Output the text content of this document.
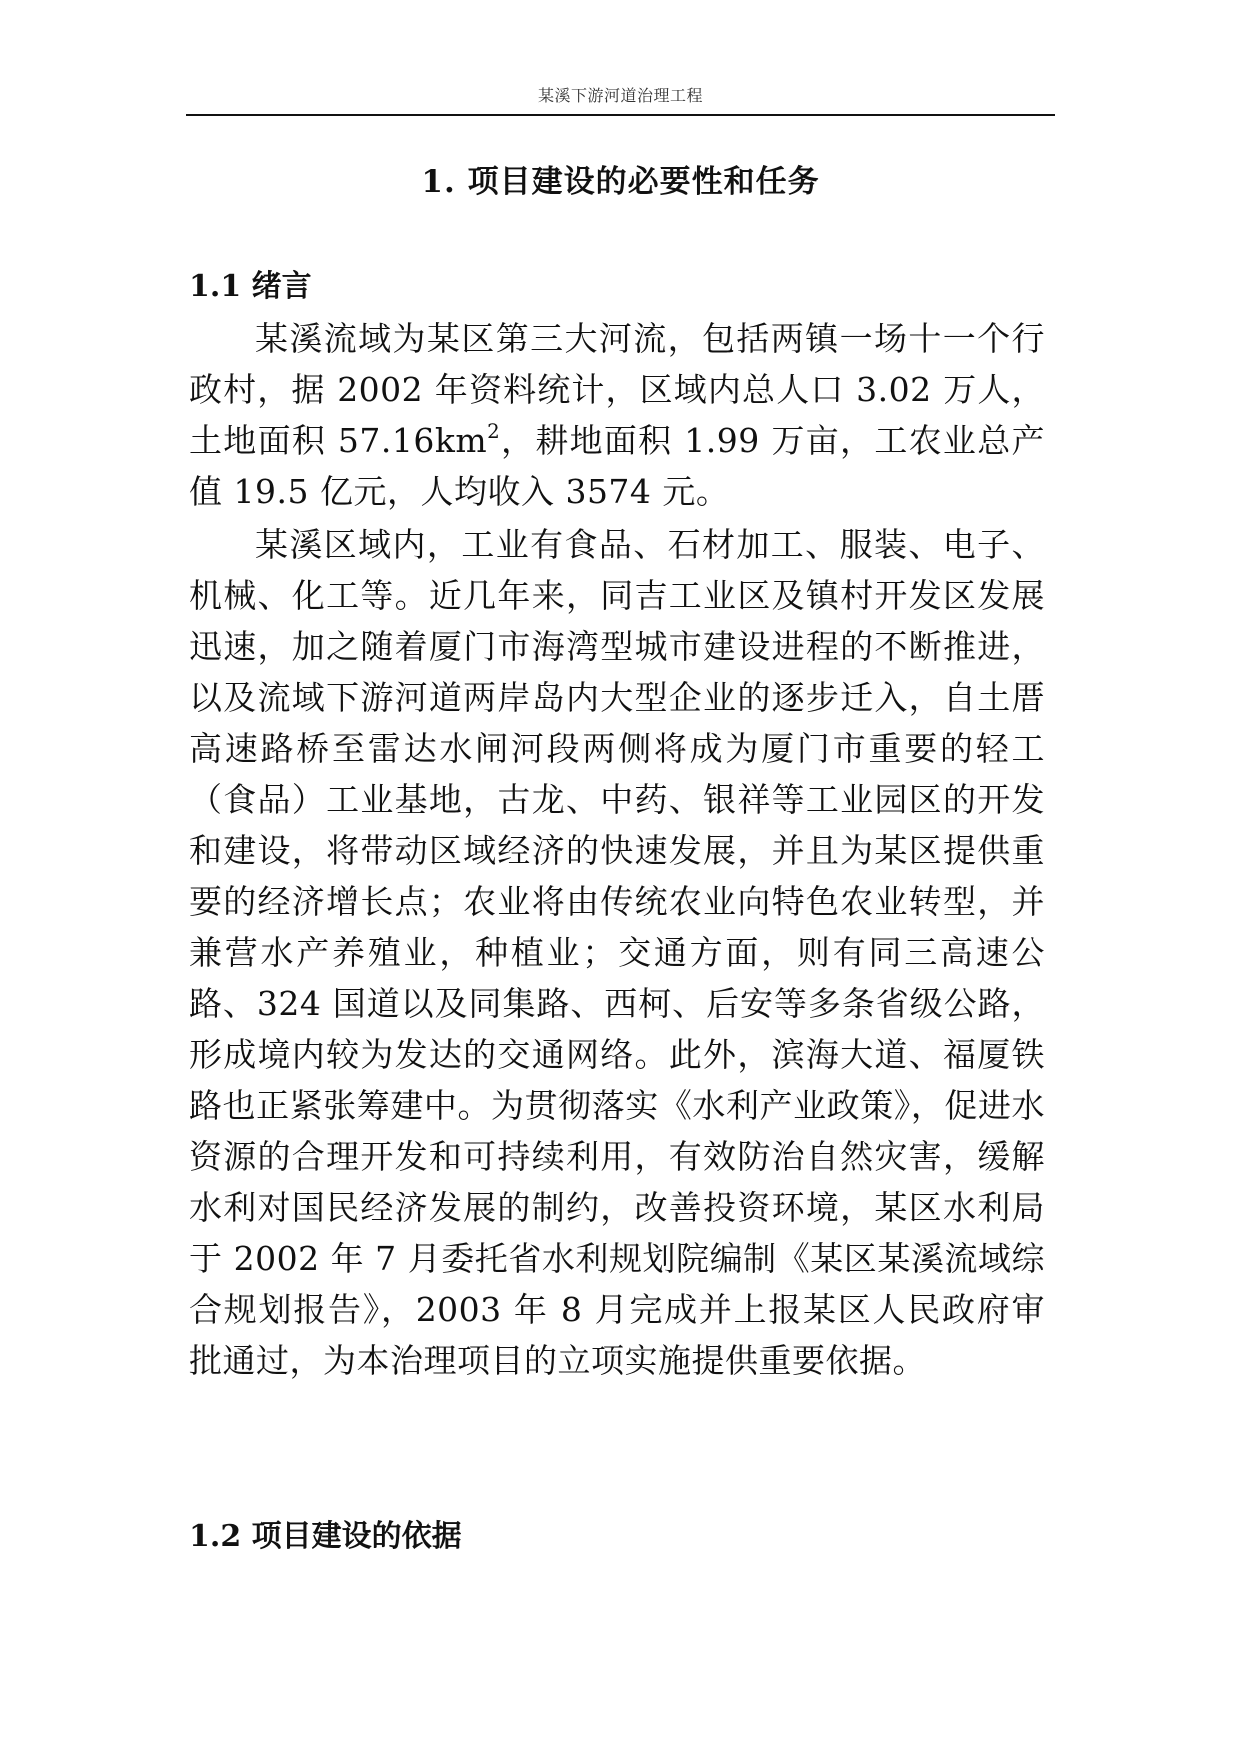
某溪下游河道治理工程
1. 项目建设的必要性和任务
1.1 绪言

某溪流域为某区第三大河流，包括两镇一场十一个行政村，据 2002 年资料统计，区域内总人口 3.02 万人，土地面积 $57.16km^2$，耕地面积 1.99 万亩，工农业总产值 19.5 亿元，人均收入 3574 元。

某溪区域内，工业有食品、石材加工、服装、电子、机械、化工等。近几年来，同吉工业区及镇村开发区发展迅速，加之随着厦门市海湾型城市建设进程的不断推进，以及流域下游河道两岸岛内大型企业的逐步迁入，自土厝高速路桥至雷达水闸河段两侧将成为厦门市重要的轻工（食品）工业基地，古龙、中药、银祥等工业园区的开发和建设，将带动区域经济的快速发展，并且为某区提供重要的经济增长点；农业将由传统农业向特色农业转型，并兼营水产养殖业，种植业；交通方面，则有同三高速公路、324 国道以及同集路、西柯、后安等多条省级公路，形成境内较为发达的交通网络。此外，滨海大道、福厦铁路也正紧张筹建中。为贯彻落实《水利产业政策》，促进水资源的合理开发和可持续利用，有效防治自然灾害，缓解水利对国民经济发展的制约，改善投资环境，某区水利局于 2002 年 7 月委托省水利规划院编制《某区某溪流域综合规划报告》，2003 年 8 月完成并上报某区人民政府审批通过，为本治理项目的立项实施提供重要依据。

1.2 项目建设的依据
